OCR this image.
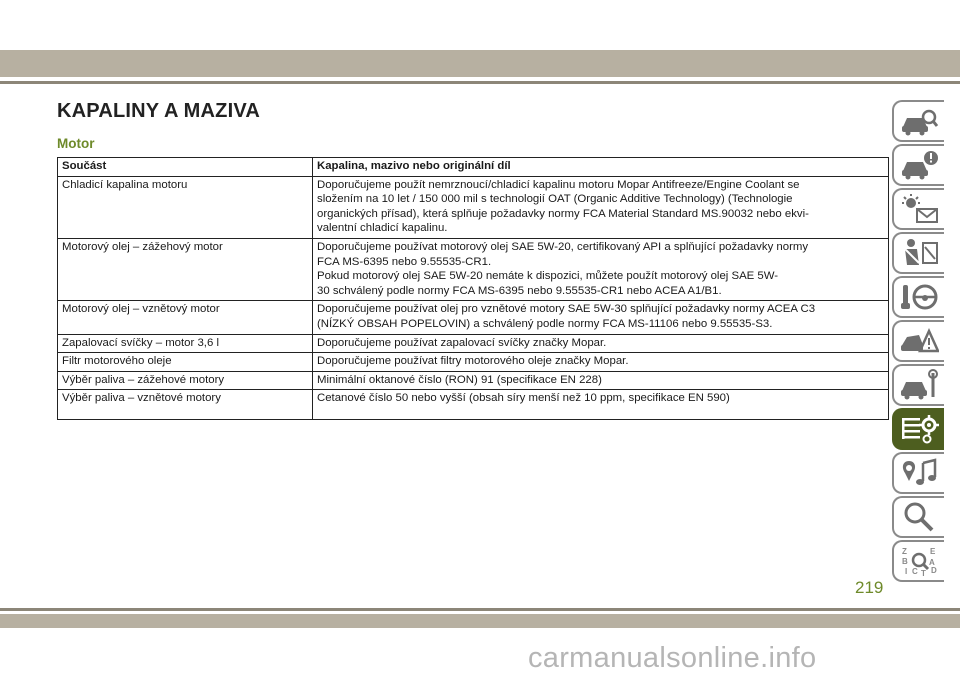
KAPALINY A MAZIVA
Motor
Součást	Kapalina, mazivo nebo originální díl
Chladicí kapalina motoru	Doporučujeme použít nemrznoucí/chladicí kapalinu motoru Mopar Antifreeze/Engine Coolant se
složením na 10 let / 150 000 mil s technologií OAT (Organic Additive Technology) (Technologie
organických přísad), která splňuje požadavky normy FCA Material Standard MS.90032 nebo ekvi-
valentní chladicí kapalinu.

Motorový olej – zážehový motor	Doporučujeme používat motorový olej SAE 5W-20, certifikovaný API a splňující požadavky normy
FCA MS-6395 nebo 9.55535-CR1.
Pokud motorový olej SAE 5W-20 nemáte k dispozici, můžete použít motorový olej SAE 5W-
30 schválený podle normy FCA MS-6395 nebo 9.55535-CR1 nebo ACEA A1/B1.

Motorový olej – vznětový motor	Doporučujeme používat olej pro vznětové motory SAE 5W-30 splňující požadavky normy ACEA C3
(NÍZKÝ OBSAH POPELOVIN) a schválený podle normy FCA MS-11106 nebo 9.55535-S3.

Zapalovací svíčky – motor 3,6 l	Doporučujeme používat zapalovací svíčky značky Mopar.

Filtr motorového oleje	Doporučujeme používat filtry motorového oleje značky Mopar.

Výběr paliva – zážehové motory	Minimální oktanové číslo (RON) 91 (specifikace EN 228)

Výběr paliva – vznětové motory	Cetanové číslo 50 nebo vyšší (obsah síry menší než 10 ppm, specifikace EN 590)
Z	E
B	A
C D
I T
219
carmanualsonline.info
